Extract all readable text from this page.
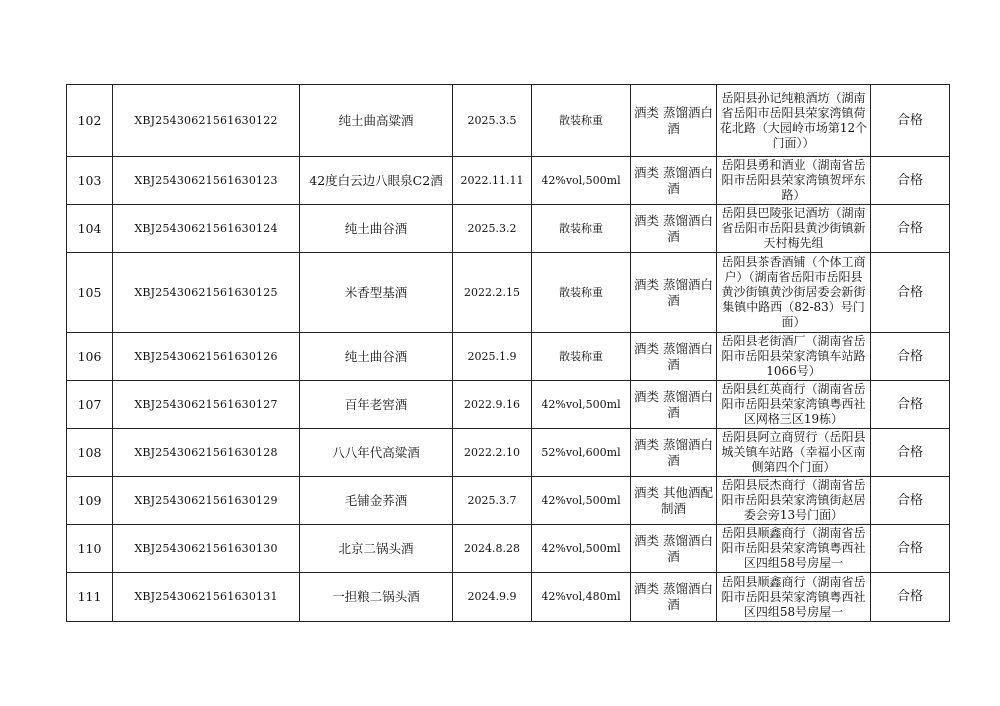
102	XBJ25430621561630122	纯土曲高粱酒	2025.3.5	散装称重	酒类 蒸馏酒白酒	岳阳县孙记纯粮酒坊（湖南省岳阳市岳阳县荣家湾镇荷花北路（大园岭市场第12个门面））	合格
103	XBJ25430621561630123	42度白云边八眼泉C2酒	2022.11.11	42%vol,500ml	酒类 蒸馏酒白酒	岳阳县勇和酒业（湖南省岳阳市岳阳县荣家湾镇贺坪东路）	合格
104	XBJ25430621561630124	纯土曲谷酒	2025.3.2	散装称重	酒类 蒸馏酒白酒	岳阳县巴陵张记酒坊（湖南省岳阳市岳阳县黄沙街镇新天村梅先组	合格
105	XBJ25430621561630125	米香型基酒	2022.2.15	散装称重	酒类 蒸馏酒白酒	岳阳县茶香酒铺（个体工商户）（湖南省岳阳市岳阳县黄沙街镇黄沙街居委会新街集镇中路西（82-83）号门面）	合格
106	XBJ25430621561630126	纯土曲谷酒	2025.1.9	散装称重	酒类 蒸馏酒白酒	岳阳县老街酒厂（湖南省岳阳市岳阳县荣家湾镇车站路1066号）	合格
107	XBJ25430621561630127	百年老窖酒	2022.9.16	42%vol,500ml	酒类 蒸馏酒白酒	岳阳县红英商行（湖南省岳阳市岳阳县荣家湾镇粤西社区网格三区19栋）	合格
108	XBJ25430621561630128	八八年代高粱酒	2022.2.10	52%vol,600ml	酒类 蒸馏酒白酒	岳阳县阿立商贸行（岳阳县城关镇车站路（幸福小区南侧第四个门面）	合格
109	XBJ25430621561630129	毛铺金荞酒	2025.3.7	42%vol,500ml	酒类 其他酒配制酒	岳阳县辰杰商行（湖南省岳阳市岳阳县荣家湾镇街赵居委会旁13号门面）	合格
110	XBJ25430621561630130	北京二锅头酒	2024.8.28	42%vol,500ml	酒类 蒸馏酒白酒	岳阳县顺鑫商行（湖南省岳阳市岳阳县荣家湾镇粤西社区四组58号房屋一	合格
111	XBJ25430621561630131	一担粮二锅头酒	2024.9.9	42%vol,480ml	酒类 蒸馏酒白酒	岳阳县顺鑫商行（湖南省岳阳市岳阳县荣家湾镇粤西社区四组58号房屋一	合格
